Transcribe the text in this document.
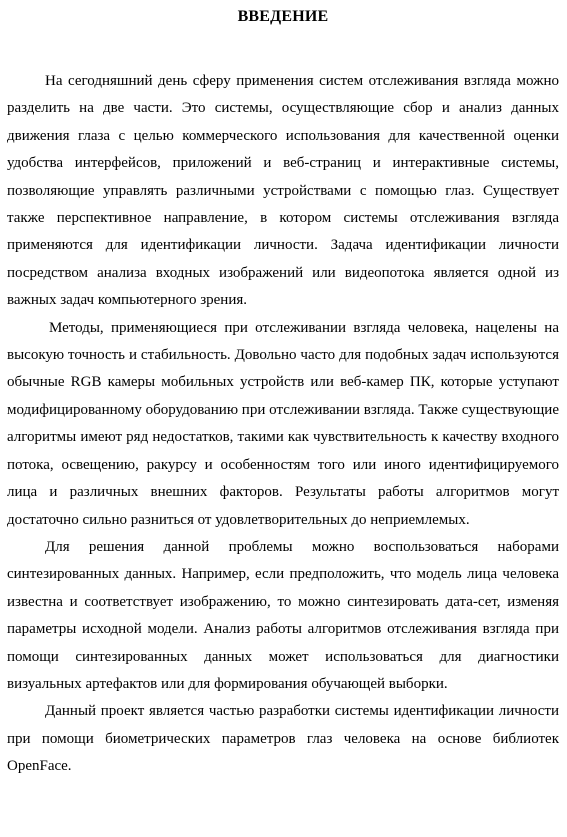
ВВЕДЕНИЕ

На сегодняшний день сферу применения систем отслеживания взгляда можно разделить на две части. Это системы, осуществляющие сбор и анализ данных движения глаза с целью коммерческого использования для качественной оценки удобства интерфейсов, приложений и веб-страниц и интерактивные системы, позволяющие управлять различными устройствами с помощью глаз. Существует также перспективное направление, в котором системы отслеживания взгляда применяются для идентификации личности. Задача идентификации личности посредством анализа входных изображений или видеопотока является одной из важных задач компьютерного зрения.

Методы, применяющиеся при отслеживании взгляда человека, нацелены на высокую точность и стабильность. Довольно часто для подобных задач используются обычные RGB камеры мобильных устройств или веб-камер ПК, которые уступают модифицированному оборудованию при отслеживании взгляда. Также существующие алгоритмы имеют ряд недостатков, такими как чувствительность к качеству входного потока, освещению, ракурсу и особенностям того или иного идентифицируемого лица и различных внешних факторов. Результаты работы алгоритмов могут достаточно сильно разниться от удовлетворительных до неприемлемых.

Для решения данной проблемы можно воспользоваться наборами синтезированных данных. Например, если предположить, что модель лица человека известна и соответствует изображению, то можно синтезировать дата-сет, изменяя параметры исходной модели. Анализ работы алгоритмов отслеживания взгляда при помощи синтезированных данных может использоваться для диагностики визуальных артефактов или для формирования обучающей выборки.

Данный проект является частью разработки системы идентификации личности при помощи биометрических параметров глаз человека на основе библиотек OpenFace.
